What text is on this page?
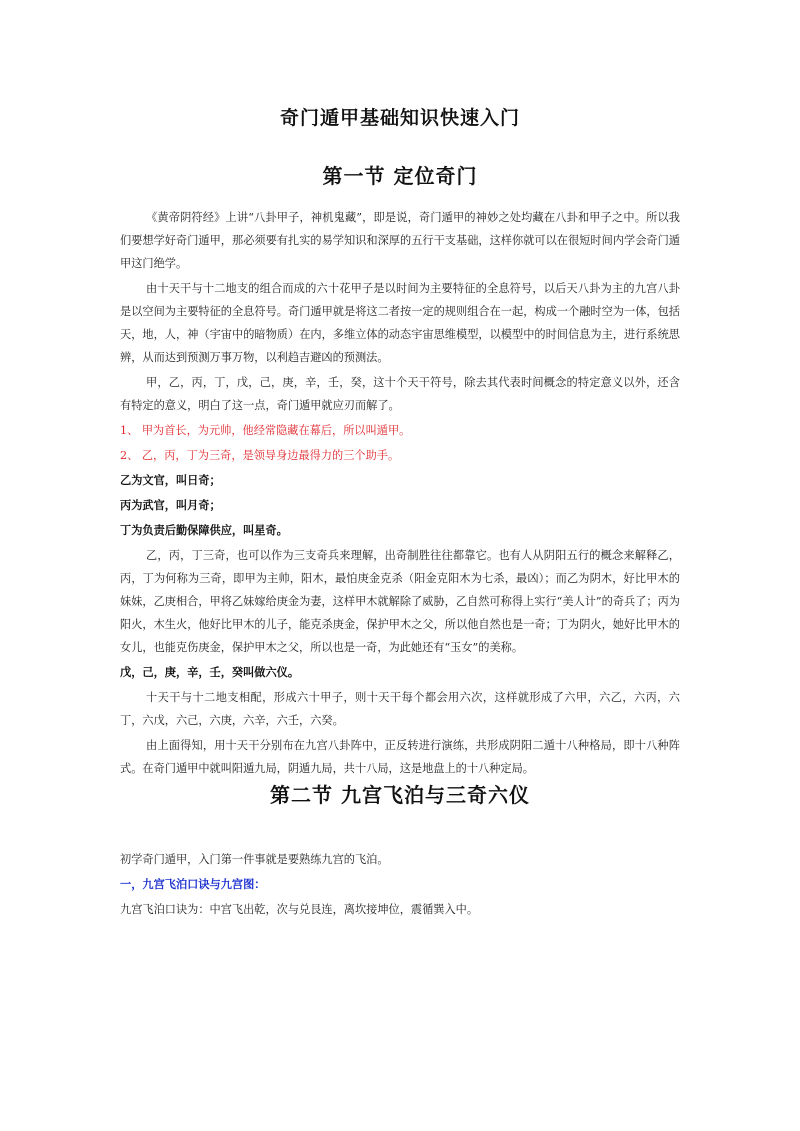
奇门遁甲基础知识快速入门
第一节 定位奇门

《黄帝阴符经》上讲“八卦甲子，神机鬼藏”，即是说，奇门遁甲的神妙之处均藏在八卦和甲子之中。所以我们要想学好奇门遁甲，那必须要有扎实的易学知识和深厚的五行干支基础，这样你就可以在很短时间内学会奇门遁甲这门绝学。

由十天干与十二地支的组合而成的六十花甲子是以时间为主要特征的全息符号，以后天八卦为主的九宫八卦是以空间为主要特征的全息符号。奇门遁甲就是将这二者按一定的规则组合在一起，构成一个融时空为一体，包括天，地，人，神（宇宙中的暗物质）在内，多维立体的动态宇宙思维模型，以模型中的时间信息为主，进行系统思辨，从而达到预测万事万物，以利趋吉避凶的预测法。

甲，乙，丙，丁，戊，己，庚，辛，壬，癸，这十个天干符号，除去其代表时间概念的特定意义以外，还含有特定的意义，明白了这一点，奇门遁甲就应刃而解了。

1、 甲为首长，为元帅，他经常隐藏在幕后，所以叫遁甲。

2、 乙，丙，丁为三奇，是领导身边最得力的三个助手。

乙为文官，叫日奇；

丙为武官，叫月奇；

丁为负责后勤保障供应，叫星奇。

乙，丙，丁三奇，也可以作为三支奇兵来理解，出奇制胜往往都靠它。也有人从阴阳五行的概念来解释乙，丙，丁为何称为三奇，即甲为主帅，阳木，最怕庚金克杀（阳金克阳木为七杀，最凶）；而乙为阴木，好比甲木的妹妹，乙庚相合，甲将乙妹嫁给庚金为妻，这样甲木就解除了威胁，乙自然可称得上实行“美人计”的奇兵了；丙为阳火，木生火，他好比甲木的儿子，能克杀庚金，保护甲木之父，所以他自然也是一奇；丁为阴火，她好比甲木的女儿，也能克伤庚金，保护甲木之父，所以也是一奇，为此她还有“玉女”的美称。

戊，己，庚，辛，壬，癸叫做六仪。

十天干与十二地支相配，形成六十甲子，则十天干每个都会用六次，这样就形成了六甲，六乙，六丙，六丁，六戊，六己，六庚，六辛，六壬，六癸。

由上面得知，用十天干分别布在九宫八卦阵中，正反转进行演练，共形成阴阳二遁十八种格局，即十八种阵式。在奇门遁甲中就叫阳遁九局，阴遁九局，共十八局，这是地盘上的十八种定局。

第二节 九宫飞泊与三奇六仪

初学奇门遁甲，入门第一件事就是要熟练九宫的飞泊。

一，九宫飞泊口诀与九宫图：

九宫飞泊口诀为：中宫飞出乾，次与兑艮连，离坎接坤位，震循巽入中。
